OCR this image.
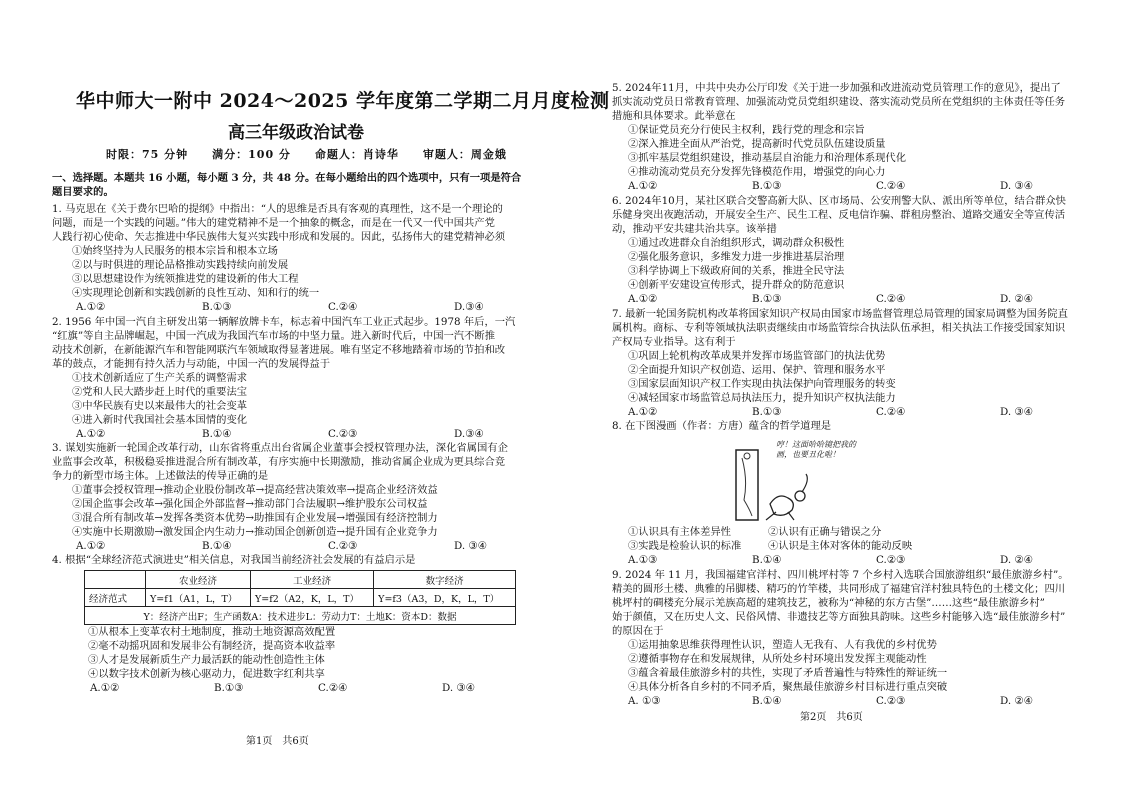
华中师大一附中 2024～2025 学年度第二学期二月月度检测
高三年级政治试卷
时限：75 分钟　　满分：100 分　　命题人：肖诗华　　审题人：周金娥
一、选择题。本题共 16 小题，每小题 3 分，共 48 分。在每小题给出的四个选项中，只有一项是符合
题目要求的。
1. 马克思在《关于费尔巴哈的提纲》中指出：“人的思维是否具有客观的真理性，这不是一个理论的
问题，而是一个实践的问题。”伟大的建党精神不是一个抽象的概念，而是在一代又一代中国共产党
人践行初心使命、矢志推进中华民族伟大复兴实践中形成和发展的。因此，弘扬伟大的建党精神必须
①始终坚持为人民服务的根本宗旨和根本立场
②以与时俱进的理论品格推动实践持续向前发展
③以思想建设作为统领推进党的建设新的伟大工程
④实现理论创新和实践创新的良性互动、知和行的统一
A.①②	B.①③	C.②④	D.③④
2. 1956 年中国一汽自主研发出第一辆解放牌卡车，标志着中国汽车工业正式起步。1978 年后，一汽
“红旗”等自主品牌崛起，中国一汽成为我国汽车市场的中坚力量。进入新时代后，中国一汽不断推
动技术创新，在新能源汽车和智能网联汽车领域取得显著进展。唯有坚定不移地踏着市场的节拍和改
革的鼓点，才能拥有持久活力与动能，中国一汽的发展得益于
①技术创新适应了生产关系的调整需求
②党和人民大踏步赶上时代的重要法宝
③中华民族有史以来最伟大的社会变革
④进入新时代我国社会基本国情的变化
A.①②	B.①④	C.②③	D.③④
3. 谋划实施新一轮国企改革行动，山东省将重点出台省属企业董事会授权管理办法，深化省属国有企
业监事会改革，积极稳妥推进混合所有制改革，有序实施中长期激励，推动省属企业成为更具综合竞
争力的新型市场主体。上述做法的传导正确的是
①董事会授权管理→推动企业股份制改革→提高经营决策效率→提高企业经济效益
②国企监事会改革→强化国企外部监督→推动部门合法履职→维护股东公司权益
③混合所有制改革→发挥各类资本优势→助推国有企业发展→增强国有经济控制力
④实施中长期激励→激发国企内生动力→推动国企创新创造→提升国有企业竞争力
A.①②	B.①④	C.②③	D. ③④
4. 根据“全球经济范式演进史”相关信息，对我国当前经济社会发展的有益启示是
	农业经济	工业经济	数字经济
经济范式	Y=f1（A1，L，T）	Y=f2（A2，K，L，T）	Y=f3（A3，D，K，L，T）
Y：经济产出F；生产函数A：技术进步L：劳动力T：土地K：资本D：数据			
①从根本上变革农村土地制度，推动土地资源高效配置
②毫不动摇巩固和发展非公有制经济，提高资本收益率
③人才是发展新质生产力最活跃的能动性创造性主体
④以数字技术创新为核心驱动力，促进数字红利共享
A.①②	B.①③	C.②④	D. ③④
第1页　共6页
5. 2024年11月，中共中央办公厅印发《关于进一步加强和改进流动党员管理工作的意见》，提出了
抓实流动党员日常教育管理、加强流动党员党组织建设、落实流动党员所在党组织的主体责任等任务
措施和具体要求。此举意在
①保证党员充分行使民主权利，践行党的理念和宗旨
②深入推进全面从严治党，提高新时代党员队伍建设质量
③抓牢基层党组织建设，推动基层自治能力和治理体系现代化
④推动流动党员充分发挥先锋模范作用，增强党的向心力
A.①②	B.①③	C.②④	D. ③④
6. 2024年10月，某社区联合交警高新大队、区市场局、公安刑警大队、派出所等单位，结合群众快
乐健身突出夜跑活动，开展安全生产、民生工程、反电信诈骗、群租房整治、道路交通安全等宣传活
动，推动平安共建共治共享。该举措
①通过改进群众自治组织形式，调动群众积极性
②强化服务意识，多维发力进一步推进基层治理
③科学协调上下级政府间的关系，推进全民守法
④创新平安建设宣传形式，提升群众的防范意识
A.①②	B.①③	C.②④	D. ②④
7. 最新一轮国务院机构改革将国家知识产权局由国家市场监督管理总局管理的国家局调整为国务院直
属机构。商标、专利等领域执法职责继续由市场监管综合执法队伍承担，相关执法工作接受国家知识
产权局专业指导。这有利于
①巩固上轮机构改革成果并发挥市场监管部门的执法优势
②全面提升知识产权创造、运用、保护、管理和服务水平
③国家层面知识产权工作实现由执法保护向管理服务的转变
④减轻国家市场监管总局执法压力，提升知识产权执法能力
A.①②	B.①③	C.②④	D. ③④
8. 在下图漫画（作者：方唐）蕴含的哲学道理是
哼！这面哈哈镜把我的画，也要丑化啦！
①认识具有主体差异性	②认识有正确与错误之分
③实践是检验认识的标准	④认识是主体对客体的能动反映
A.①③	B.①④	C.②③	D. ②④
9. 2024 年 11 月，我国福建官洋村、四川桃坪村等 7 个乡村入选联合国旅游组织“最佳旅游乡村”。
精美的圆形土楼、典雅的吊脚楼、精巧的竹竿楼，共同形成了福建官洋村独具特色的土楼文化；四川
桃坪村的碉楼充分展示羌族高超的建筑技艺，被称为“神秘的东方古堡”……这些“最佳旅游乡村”
始于颜值，又在历史人文、民俗风情、非遗技艺等方面独具韵味。这些乡村能够入选“最佳旅游乡村”
的原因在于
①运用抽象思维获得理性认识，塑造人无我有、人有我优的乡村优势
②遵循事物存在和发展规律，从所处乡村环境出发发挥主观能动性
③蕴含着最佳旅游乡村的共性，实现了矛盾普遍性与特殊性的辩证统一
④具体分析各自乡村的不同矛盾，聚焦最佳旅游乡村目标进行重点突破
A. ①③	B.①④	C.②③	D. ②④
第2页　共6页
